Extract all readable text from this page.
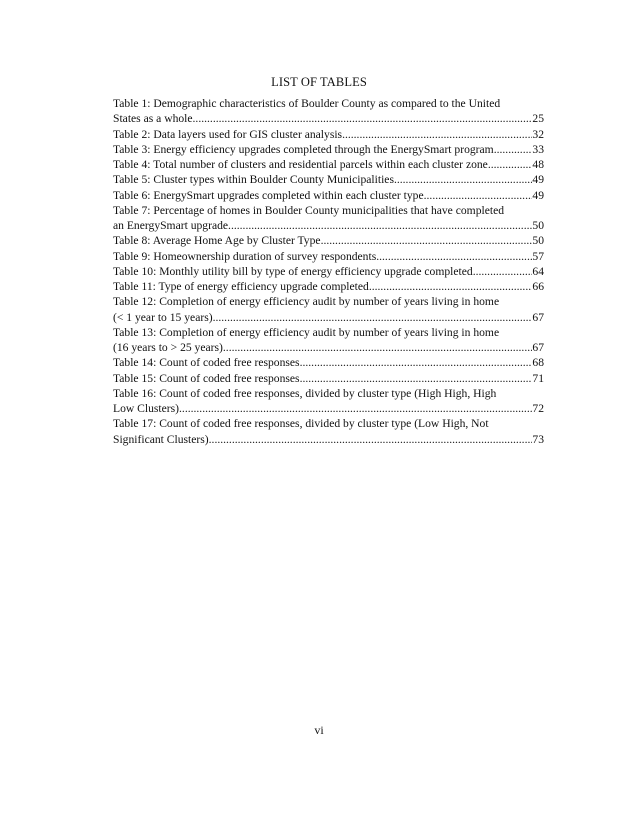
LIST OF TABLES
Table 1: Demographic characteristics of Boulder County as compared to the United
States as a whole .....	25
Table 2: Data layers used for GIS cluster analysis .....	32
Table 3: Energy efficiency upgrades completed through the EnergySmart program .....	33
Table 4: Total number of clusters and residential parcels within each cluster zone .....	48
Table 5: Cluster types within Boulder County Municipalities .....	49
Table 6: EnergySmart upgrades completed within each cluster type .....	49
Table 7: Percentage of homes in Boulder County municipalities that have completed
an EnergySmart upgrade .....	50
Table 8: Average Home Age by Cluster Type .....	50
Table 9: Homeownership duration of survey respondents .....	57
Table 10: Monthly utility bill by type of energy efficiency upgrade completed .....	64
Table 11: Type of energy efficiency upgrade completed .....	66
Table 12: Completion of energy efficiency audit by number of years living in home
(< 1 year to 15 years) .....	67
Table 13: Completion of energy efficiency audit by number of years living in home
(16 years to > 25 years) .....	67
Table 14: Count of coded free responses .....	68
Table 15: Count of coded free responses .....	71
Table 16: Count of coded free responses, divided by cluster type (High High, High
Low Clusters) .....	72
Table 17: Count of coded free responses, divided by cluster type (Low High, Not
Significant Clusters) .....	73
vi
